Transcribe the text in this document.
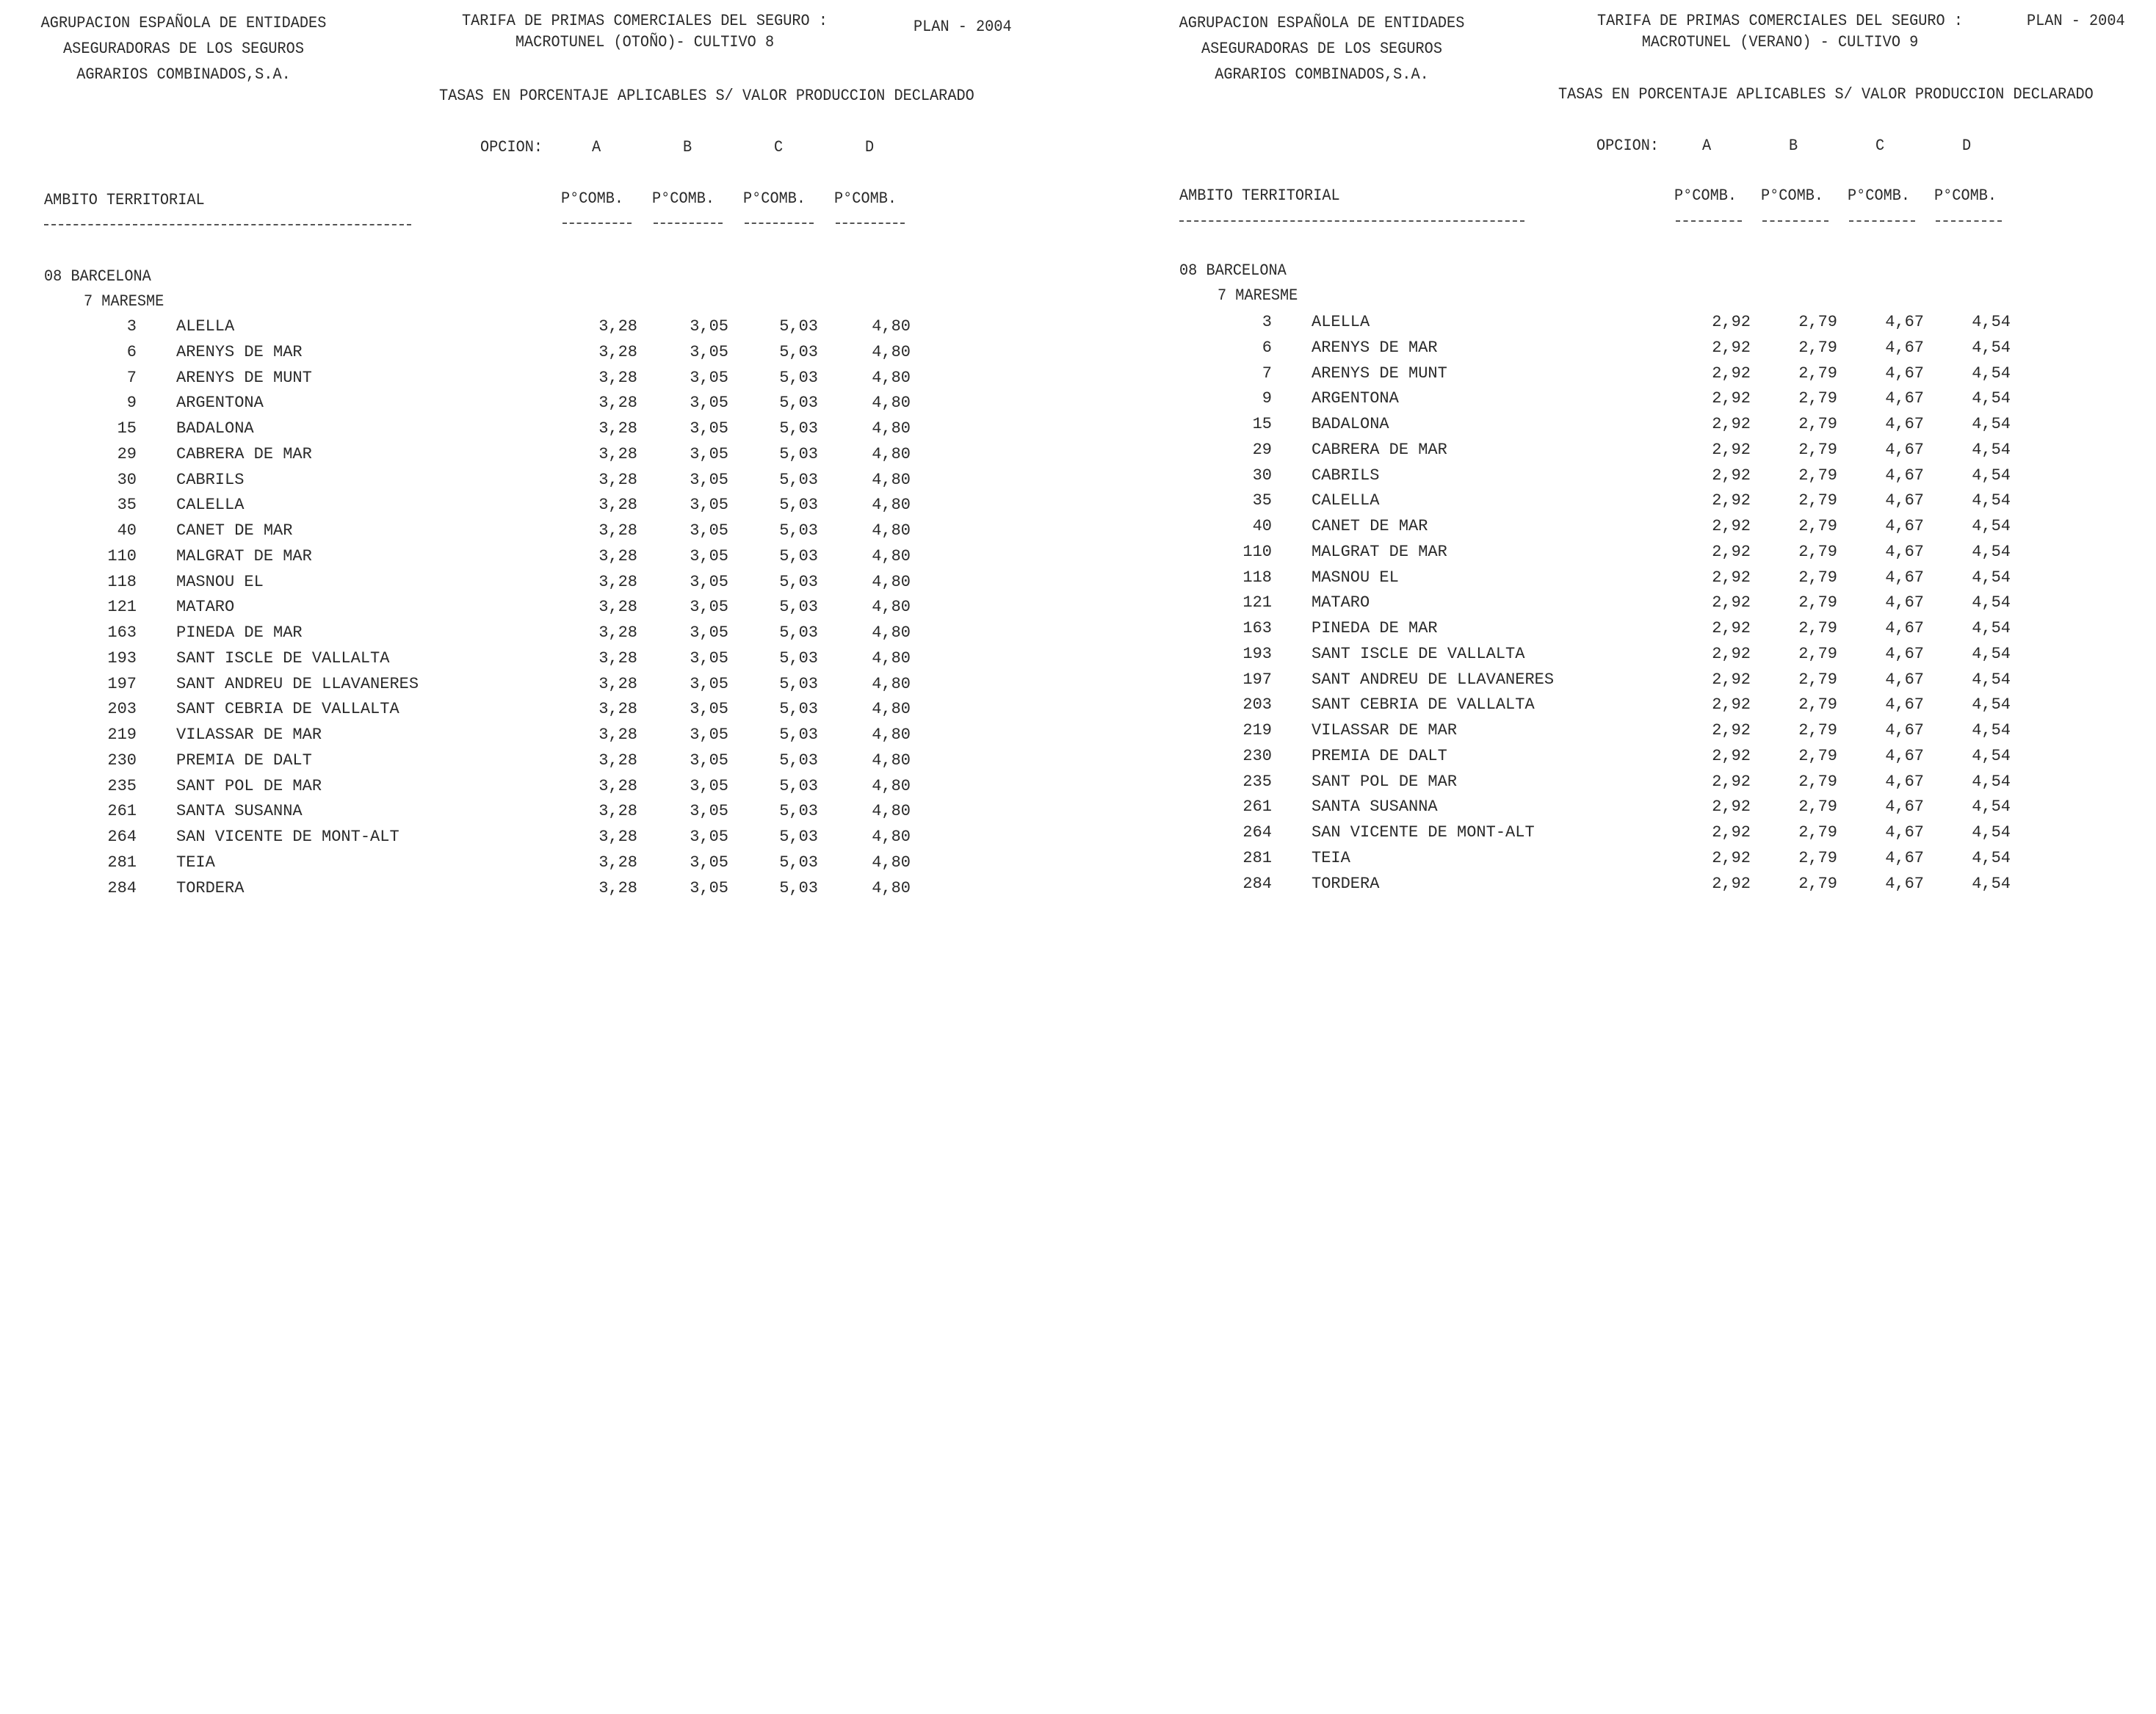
AGRUPACION ESPAÑOLA DE ENTIDADES
ASEGURADORAS DE LOS SEGUROS
AGRARIOS COMBINADOS,S.A.
TARIFA DE PRIMAS COMERCIALES DEL SEGURO :
MACROTUNEL (OTOÑO)- CULTIVO 8
PLAN - 2004
TASAS EN PORCENTAJE APLICABLES S/ VALOR PRODUCCION DECLARADO
OPCION:	A	B	C	D
AMBITO TERRITORIAL	P°COMB. P°COMB. P°COMB. P°COMB.
08 BARCELONA
7 MARESME
3 ALELLA	3,28	3,05	5,03	4,80
6 ARENYS DE MAR	3,28	3,05	5,03	4,80
7 ARENYS DE MUNT	3,28	3,05	5,03	4,80
9 ARGENTONA	3,28	3,05	5,03	4,80
15 BADALONA	3,28	3,05	5,03	4,80
29 CABRERA DE MAR	3,28	3,05	5,03	4,80
30 CABRILS	3,28	3,05	5,03	4,80
35 CALELLA	3,28	3,05	5,03	4,80
40 CANET DE MAR	3,28	3,05	5,03	4,80
110 MALGRAT DE MAR	3,28	3,05	5,03	4,80
118 MASNOU EL	3,28	3,05	5,03	4,80
121 MATARO	3,28	3,05	5,03	4,80
163 PINEDA DE MAR	3,28	3,05	5,03	4,80
193 SANT ISCLE DE VALLALTA	3,28	3,05	5,03	4,80
197 SANT ANDREU DE LLAVANERES	3,28	3,05	5,03	4,80
203 SANT CEBRIA DE VALLALTA	3,28	3,05	5,03	4,80
219 VILASSAR DE MAR	3,28	3,05	5,03	4,80
230 PREMIA DE DALT	3,28	3,05	5,03	4,80
235 SANT POL DE MAR	3,28	3,05	5,03	4,80
261 SANTA SUSANNA	3,28	3,05	5,03	4,80
264 SAN VICENTE DE MONT-ALT	3,28	3,05	5,03	4,80
281 TEIA	3,28	3,05	5,03	4,80
284 TORDERA	3,28	3,05	5,03	4,80
AGRUPACION ESPAÑOLA DE ENTIDADES
ASEGURADORAS DE LOS SEGUROS
AGRARIOS COMBINADOS,S.A.
TARIFA DE PRIMAS COMERCIALES DEL SEGURO :
MACROTUNEL (VERANO) - CULTIVO 9
PLAN - 2004
TASAS EN PORCENTAJE APLICABLES S/ VALOR PRODUCCION DECLARADO
OPCION:	A	B	C	D
AMBITO TERRITORIAL	P°COMB. P°COMB. P°COMB. P°COMB.
08 BARCELONA
7 MARESME
3 ALELLA	2,92	2,79	4,67	4,54
6 ARENYS DE MAR	2,92	2,79	4,67	4,54
7 ARENYS DE MUNT	2,92	2,79	4,67	4,54
9 ARGENTONA	2,92	2,79	4,67	4,54
15 BADALONA	2,92	2,79	4,67	4,54
29 CABRERA DE MAR	2,92	2,79	4,67	4,54
30 CABRILS	2,92	2,79	4,67	4,54
35 CALELLA	2,92	2,79	4,67	4,54
40 CANET DE MAR	2,92	2,79	4,67	4,54
110 MALGRAT DE MAR	2,92	2,79	4,67	4,54
118 MASNOU EL	2,92	2,79	4,67	4,54
121 MATARO	2,92	2,79	4,67	4,54
163 PINEDA DE MAR	2,92	2,79	4,67	4,54
193 SANT ISCLE DE VALLALTA	2,92	2,79	4,67	4,54
197 SANT ANDREU DE LLAVANERES	2,92	2,79	4,67	4,54
203 SANT CEBRIA DE VALLALTA	2,92	2,79	4,67	4,54
219 VILASSAR DE MAR	2,92	2,79	4,67	4,54
230 PREMIA DE DALT	2,92	2,79	4,67	4,54
235 SANT POL DE MAR	2,92	2,79	4,67	4,54
261 SANTA SUSANNA	2,92	2,79	4,67	4,54
264 SAN VICENTE DE MONT-ALT	2,92	2,79	4,67	4,54
281 TEIA	2,92	2,79	4,67	4,54
284 TORDERA	2,92	2,79	4,67	4,54
